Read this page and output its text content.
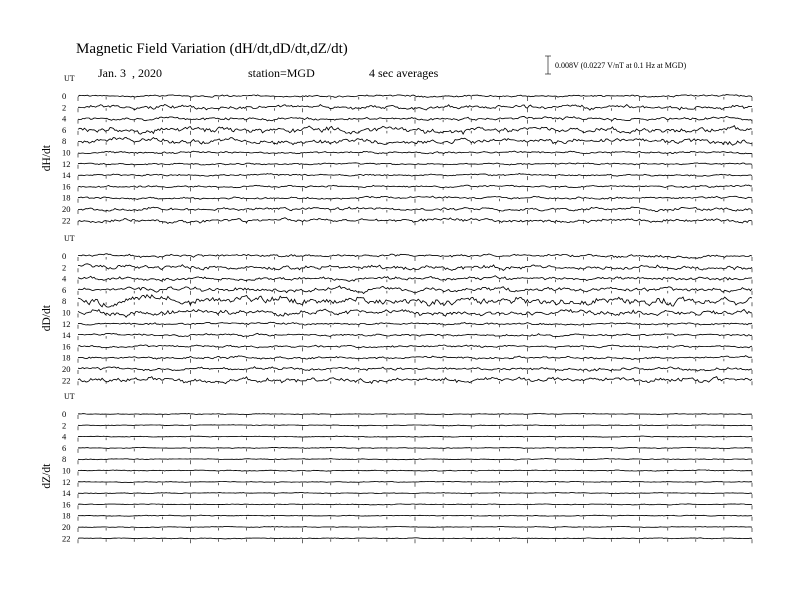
Magnetic Field Variation (dH/dt,dD/dt,dZ/dt)
Jan. 3  , 2020	station=MGD	4 sec averages
0.008V (0.0227 V/nT at 0.1 Hz at MGD)
UT
dH/dt
0
2
4
6
8
10
12
14
16
18
20
22
UT
dD/dt
0
2
4
6
8
10
12
14
16
18
20
22
UT
dZ/dt
0
2
4
6
8
10
12
14
16
18
20
22
